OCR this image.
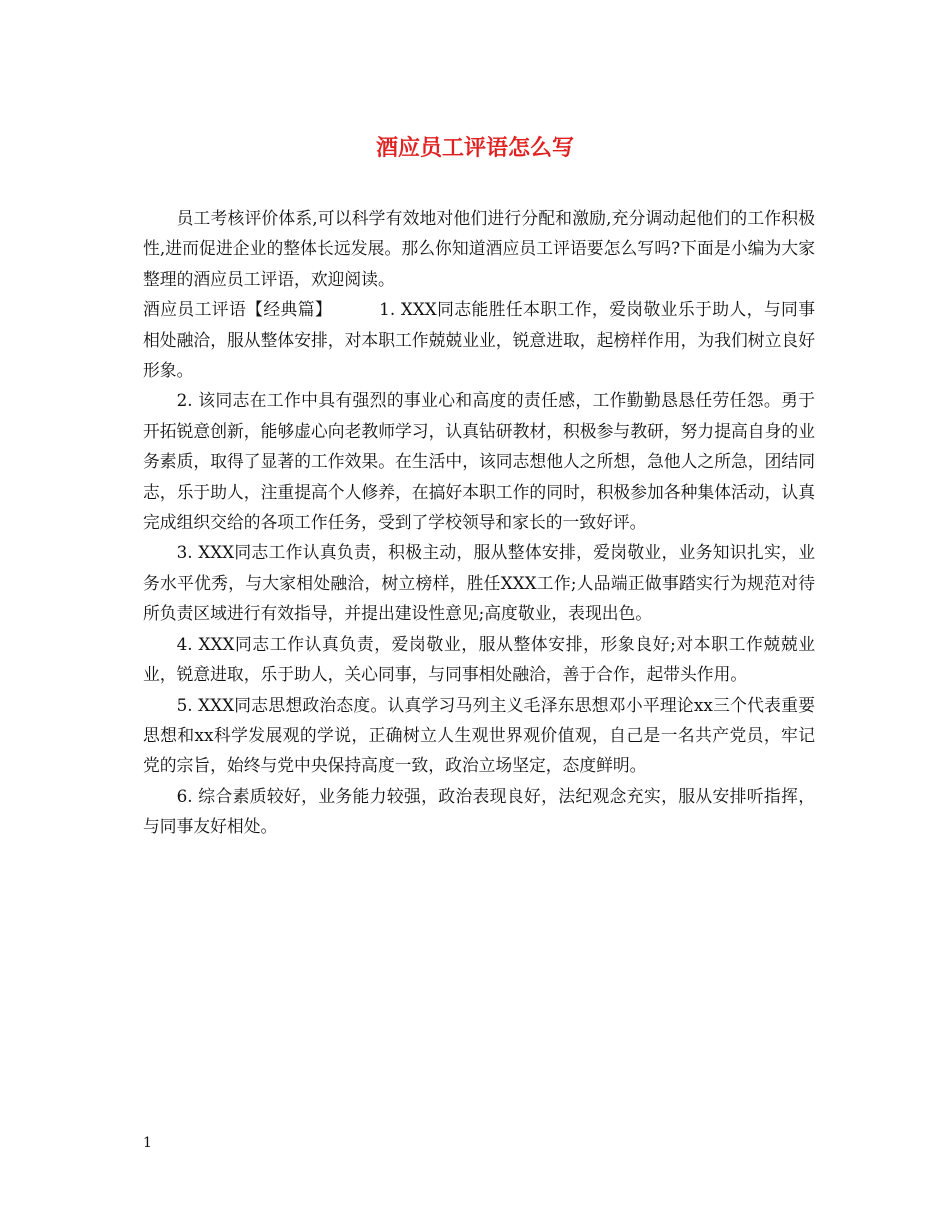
酒应员工评语怎么写

员工考核评价体系,可以科学有效地对他们进行分配和激励,充分调动起他们的工作积极性,进而促进企业的整体长远发展。那么你知道酒应员工评语要怎么写吗?下面是小编为大家整理的酒应员工评语，欢迎阅读。

酒应员工评语【经典篇】	1. XXX同志能胜任本职工作，爱岗敬业乐于助人，与同事相处融洽，服从整体安排，对本职工作兢兢业业，锐意进取，起榜样作用，为我们树立良好形象。

2. 该同志在工作中具有强烈的事业心和高度的责任感，工作勤勤恳恳任劳任怨。勇于开拓锐意创新，能够虚心向老教师学习，认真钻研教材，积极参与教研，努力提高自身的业务素质，取得了显著的工作效果。在生活中，该同志想他人之所想，急他人之所急，团结同志，乐于助人，注重提高个人修养，在搞好本职工作的同时，积极参加各种集体活动，认真完成组织交给的各项工作任务，受到了学校领导和家长的一致好评。

3. XXX同志工作认真负责，积极主动，服从整体安排，爱岗敬业，业务知识扎实，业务水平优秀，与大家相处融洽，树立榜样，胜任XXX工作;人品端正做事踏实行为规范对待所负责区域进行有效指导，并提出建设性意见;高度敬业，表现出色。

4. XXX同志工作认真负责，爱岗敬业，服从整体安排，形象良好;对本职工作兢兢业业，锐意进取，乐于助人，关心同事，与同事相处融洽，善于合作，起带头作用。

5. XXX同志思想政治态度。认真学习马列主义毛泽东思想邓小平理论xx三个代表重要思想和xx科学发展观的学说，正确树立人生观世界观价值观，自己是一名共产党员，牢记党的宗旨，始终与党中央保持高度一致，政治立场坚定，态度鲜明。

6. 综合素质较好，业务能力较强，政治表现良好，法纪观念充实，服从安排听指挥，与同事友好相处。

1
